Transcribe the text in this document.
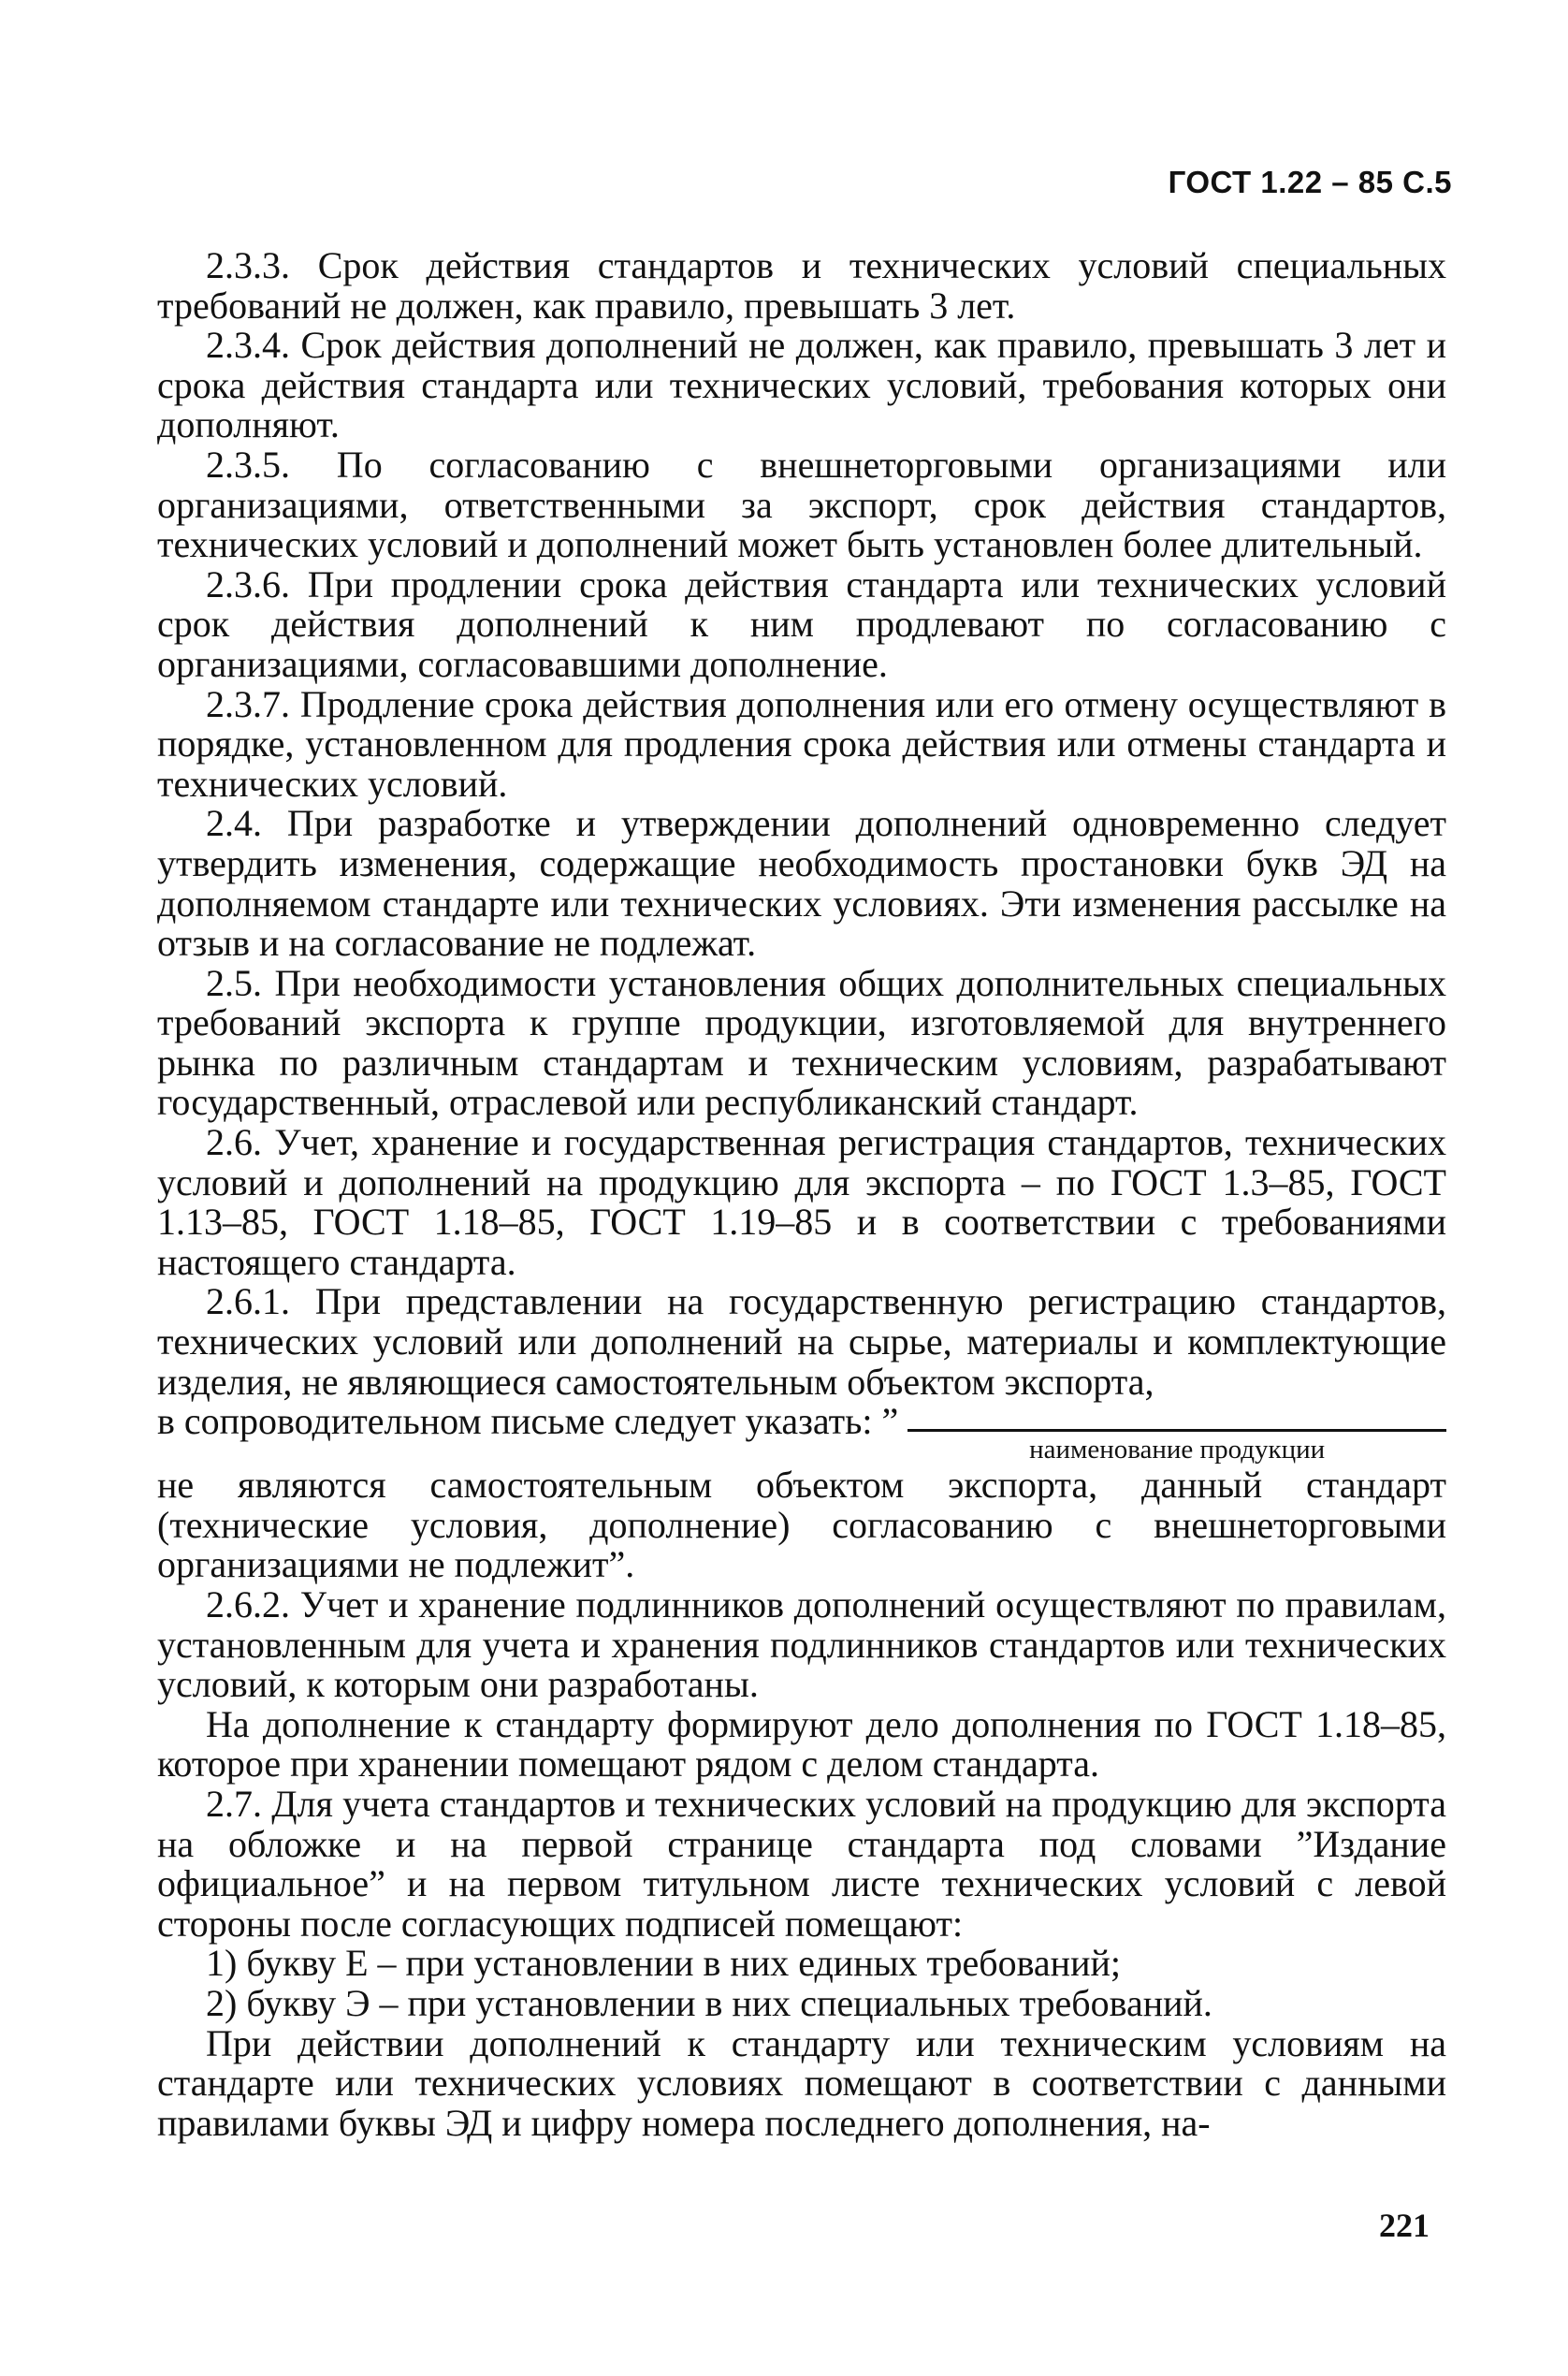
ГОСТ 1.22 – 85 С.5

2.3.3. Срок действия стандартов и технических условий специальных требований не должен, как правило, превышать 3 лет.

2.3.4. Срок действия дополнений не должен, как правило, превышать 3 лет и срока действия стандарта или технических условий, требования которых они дополняют.

2.3.5. По согласованию с внешнеторговыми организациями или организациями, ответственными за экспорт, срок действия стандартов, технических условий и дополнений может быть установлен более длительный.

2.3.6. При продлении срока действия стандарта или технических условий срок действия дополнений к ним продлевают по согласованию с организациями, согласовавшими дополнение.

2.3.7. Продление срока действия дополнения или его отмену осуществляют в порядке, установленном для продления срока действия или отмены стандарта и технических условий.

2.4. При разработке и утверждении дополнений одновременно следует утвердить изменения, содержащие необходимость простановки букв ЭД на дополняемом стандарте или технических условиях. Эти изменения рассылке на отзыв и на согласование не подлежат.

2.5. При необходимости установления общих дополнительных специальных требований экспорта к группе продукции, изготовляемой для внутреннего рынка по различным стандартам и техническим условиям, разрабатывают государственный, отраслевой или республиканский стандарт.

2.6. Учет, хранение и государственная регистрация стандартов, технических условий и дополнений на продукцию для экспорта – по ГОСТ 1.3–85, ГОСТ 1.13–85, ГОСТ 1.18–85, ГОСТ 1.19–85 и в соответствии с требованиями настоящего стандарта.

2.6.1. При представлении на государственную регистрацию стандартов, технических условий или дополнений на сырье, материалы и комплектующие изделия, не являющиеся самостоятельным объектом экспорта,

в сопроводительном письме следует указать: ”
наименование продукции

не являются самостоятельным объектом экспорта, данный стандарт (технические условия, дополнение) согласованию с внешнеторговыми организациями не подлежит”.

2.6.2. Учет и хранение подлинников дополнений осуществляют по правилам, установленным для учета и хранения подлинников стандартов или технических условий, к которым они разработаны.

На дополнение к стандарту формируют дело дополнения по ГОСТ 1.18–85, которое при хранении помещают рядом с делом стандарта.

2.7. Для учета стандартов и технических условий на продукцию для экспорта на обложке и на первой странице стандарта под словами ”Издание официальное” и на первом титульном листе технических условий с левой стороны после согласующих подписей помещают:

1) букву Е – при установлении в них единых требований;

2) букву Э – при установлении в них специальных требований.

При действии дополнений к стандарту или техническим условиям на стандарте или технических условиях помещают в соответствии с данными правилами буквы ЭД и цифру номера последнего дополнения, на-

221
